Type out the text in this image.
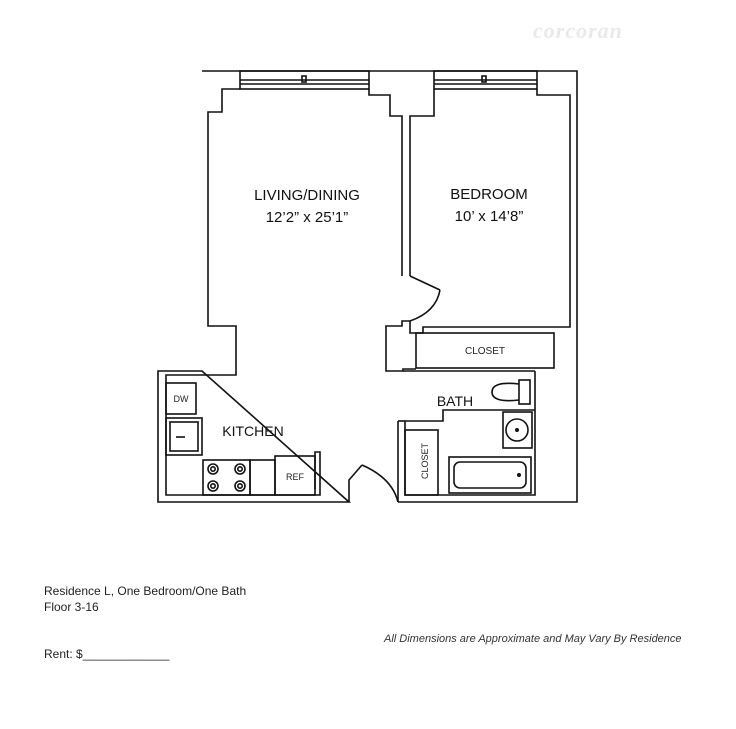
corcoran
LIVING/DINING
12’2” x 25’1”
BEDROOM
10’ x 14’8”
KITCHEN
BATH
CLOSET
CLOSET
DW
REF
Residence L, One Bedroom/One Bath
Floor 3-16
Rent: $_____________
All Dimensions are Approximate and May Vary By Residence
